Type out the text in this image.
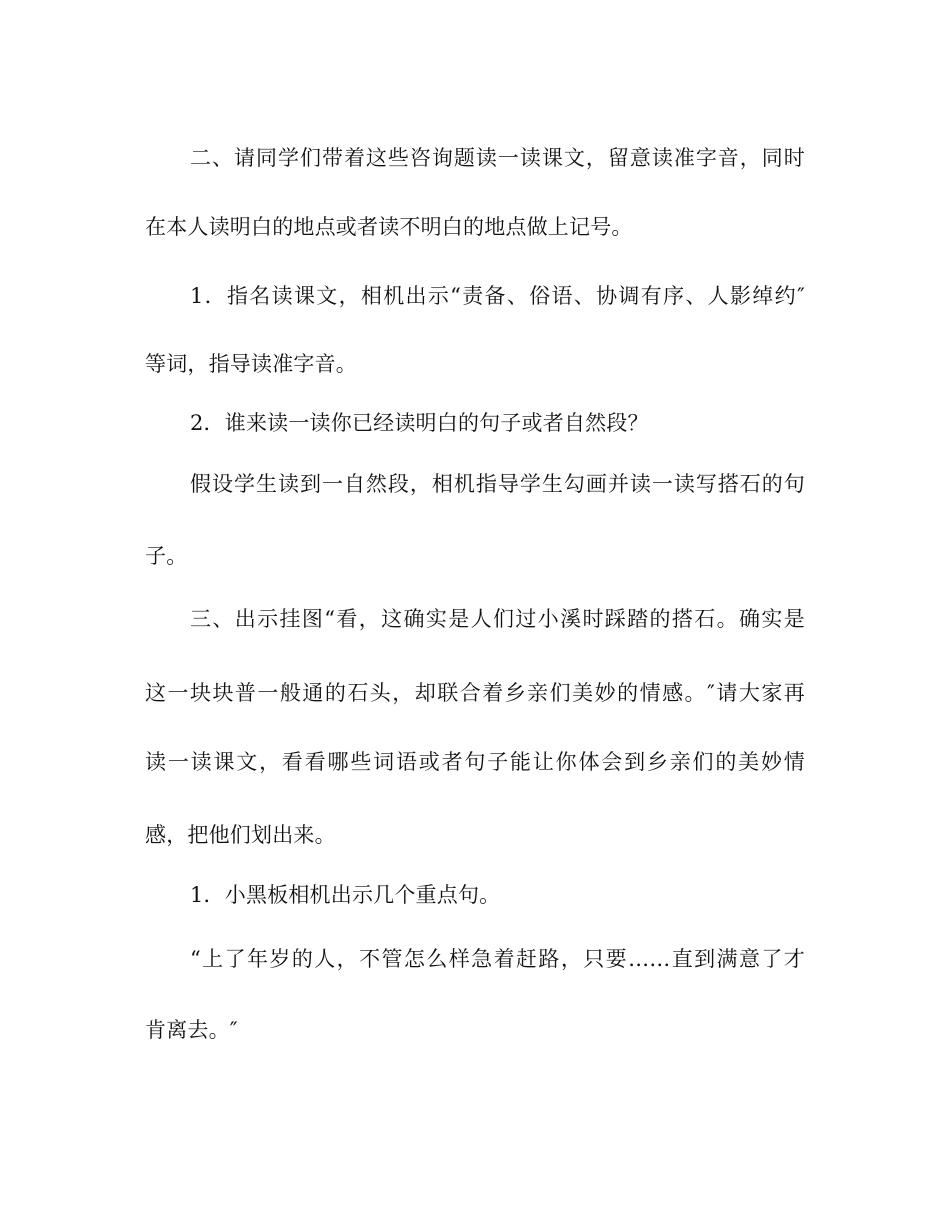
二、请同学们带着这些咨询题读一读课文，留意读准字音，同时
在本人读明白的地点或者读不明白的地点做上记号。
1．指名读课文，相机出示“责备、俗语、协调有序、人影绰约″
等词，指导读准字音。
2．谁来读一读你已经读明白的句子或者自然段？
假设学生读到一自然段，相机指导学生勾画并读一读写搭石的句
子。
三、出示挂图“看，这确实是人们过小溪时踩踏的搭石。确实是
这一块块普一般通的石头，却联合着乡亲们美妙的情感。″请大家再
读一读课文，看看哪些词语或者句子能让你体会到乡亲们的美妙情
感，把他们划出来。
1．小黑板相机出示几个重点句。
“上了年岁的人，不管怎么样急着赶路，只要……直到满意了才
肯离去。″
